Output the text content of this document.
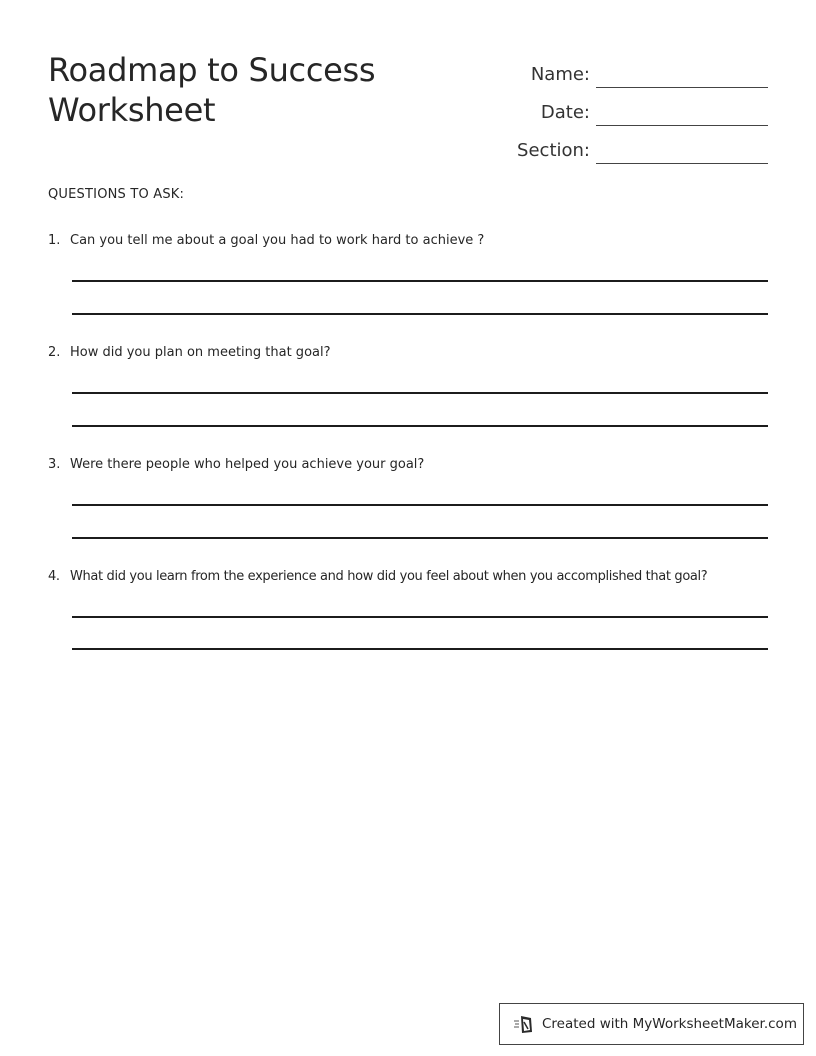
Roadmap to Success
Worksheet
Name:
Date:
Section:
QUESTIONS TO ASK:
1. Can you tell me about a goal you had to work hard to achieve ?
2. How did you plan on meeting that goal?
3. Were there people who helped you achieve your goal?
4. What did you learn from the experience and how did you feel about when you accomplished that goal?
Created with MyWorksheetMaker.com
